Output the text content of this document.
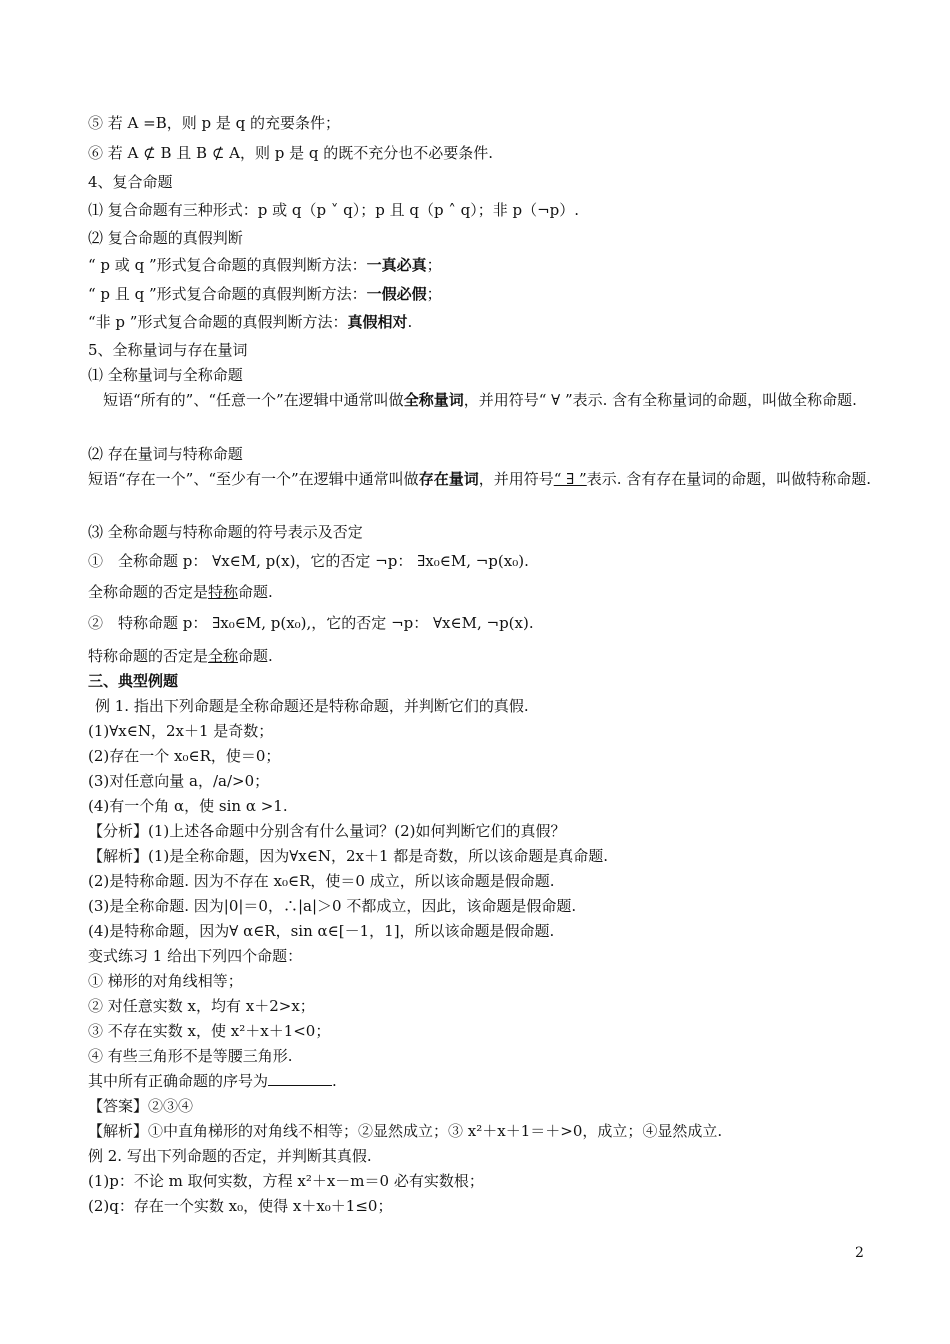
⑤ 若 A =B，则 p 是 q 的充要条件；
⑥ 若 A ⊄ B 且 B ⊄ A，则 p 是 q 的既不充分也不必要条件.
4、复合命题
⑴ 复合命题有三种形式：p 或 q（p ˅ q）；p 且 q（p ˄ q）；非 p（¬p）.
⑵ 复合命题的真假判断
“ p 或 q ”形式复合命题的真假判断方法：一真必真；
“ p 且 q ”形式复合命题的真假判断方法：一假必假；
“非 p ”形式复合命题的真假判断方法：真假相对.
5、全称量词与存在量词
⑴ 全称量词与全称命题
短语“所有的”、“任意一个”在逻辑中通常叫做全称量词，并用符号“ ∀ ”表示. 含有全称量词的命题，叫做全称命题.
⑵ 存在量词与特称命题
短语“存在一个”、“至少有一个”在逻辑中通常叫做存在量词，并用符号“ ∃ ”表示. 含有存在量词的命题，叫做特称命题.
⑶ 全称命题与特称命题的符号表示及否定
①　全称命题 p： ∀x∈M, p(x)，它的否定 ¬p： ∃x₀∈M, ¬p(x₀).
全称命题的否定是特称命题.
②　特称命题 p： ∃x₀∈M, p(x₀),，它的否定 ¬p： ∀x∈M, ¬p(x).
特称命题的否定是全称命题.
三、典型例题
例 1. 指出下列命题是全称命题还是特称命题，并判断它们的真假.
(1)∀x∈N，2x＋1 是奇数；
(2)存在一个 x₀∈R，使＝0；
(3)对任意向量 a，/a/>0；
(4)有一个角 α，使 sin α >1.
【分析】(1)上述各命题中分别含有什么量词？(2)如何判断它们的真假？
【解析】(1)是全称命题，因为∀x∈N，2x＋1 都是奇数，所以该命题是真命题.
(2)是特称命题. 因为不存在 x₀∈R，使＝0 成立，所以该命题是假命题.
(3)是全称命题. 因为|0|＝0，∴|a|＞0 不都成立，因此，该命题是假命题.
(4)是特称命题，因为∀ α∈R，sin α∈[－1，1]，所以该命题是假命题.
变式练习 1 给出下列四个命题：
① 梯形的对角线相等；
② 对任意实数 x，均有 x＋2>x；
③ 不存在实数 x，使 x²＋x＋1<0；
④ 有些三角形不是等腰三角形.
其中所有正确命题的序号为	.
【答案】②③④
【解析】①中直角梯形的对角线不相等；②显然成立；③ x²＋x＋1＝＋>0，成立；④显然成立.
例 2. 写出下列命题的否定，并判断其真假.
(1)p：不论 m 取何实数，方程 x²＋x－m＝0 必有实数根；
(2)q：存在一个实数 x₀，使得 x＋x₀＋1≤0；
2
